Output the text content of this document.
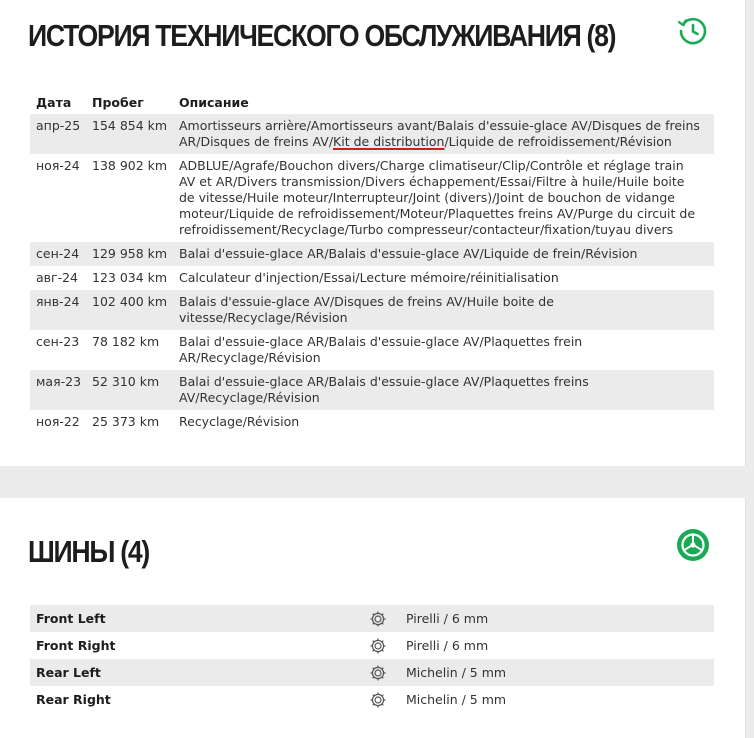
ИСТОРИЯ ТЕХНИЧЕСКОГО ОБСЛУЖИВАНИЯ (8)
Дата	Пробег	Описание
апр-25 154 854 km Amortisseurs arrière/Amortisseurs avant/Balais d'essuie-glace AV/Disques de freins AR/Disques de freins AV/Kit de distribution/Liquide de refroidissement/Révision
ноя-24 138 902 km ADBLUE/Agrafe/Bouchon divers/Charge climatiseur/Clip/Contrôle et réglage train AV et AR/Divers transmission/Divers échappement/Essai/Filtre à huile/Huile boite de vitesse/Huile moteur/Interrupteur/Joint (divers)/Joint de bouchon de vidange moteur/Liquide de refroidissement/Moteur/Plaquettes freins AV/Purge du circuit de refroidissement/Recyclage/Turbo compresseur/contacteur/fixation/tuyau divers
сен-24	129 958 km Balai d'essuie-glace AR/Balais d'essuie-glace AV/Liquide de frein/Révision
авг-24	123 034 km Calculateur d'injection/Essai/Lecture mémoire/réinitialisation
янв-24	102 400 km Balais d'essuie-glace AV/Disques de freins AV/Huile boite de vitesse/Recyclage/Révision
сен-23	78 182 km	Balai d'essuie-glace AR/Balais d'essuie-glace AV/Plaquettes frein AR/Recyclage/Révision
мая-23 52 310 km	Balai d'essuie-glace AR/Balais d'essuie-glace AV/Plaquettes freins AV/Recyclage/Révision
ноя-22 25 373 km	Recyclage/Révision
ШИНЫ (4)
Front Left	Pirelli / 6 mm
Front Right	Pirelli / 6 mm
Rear Left	Michelin / 5 mm
Rear Right	Michelin / 5 mm
